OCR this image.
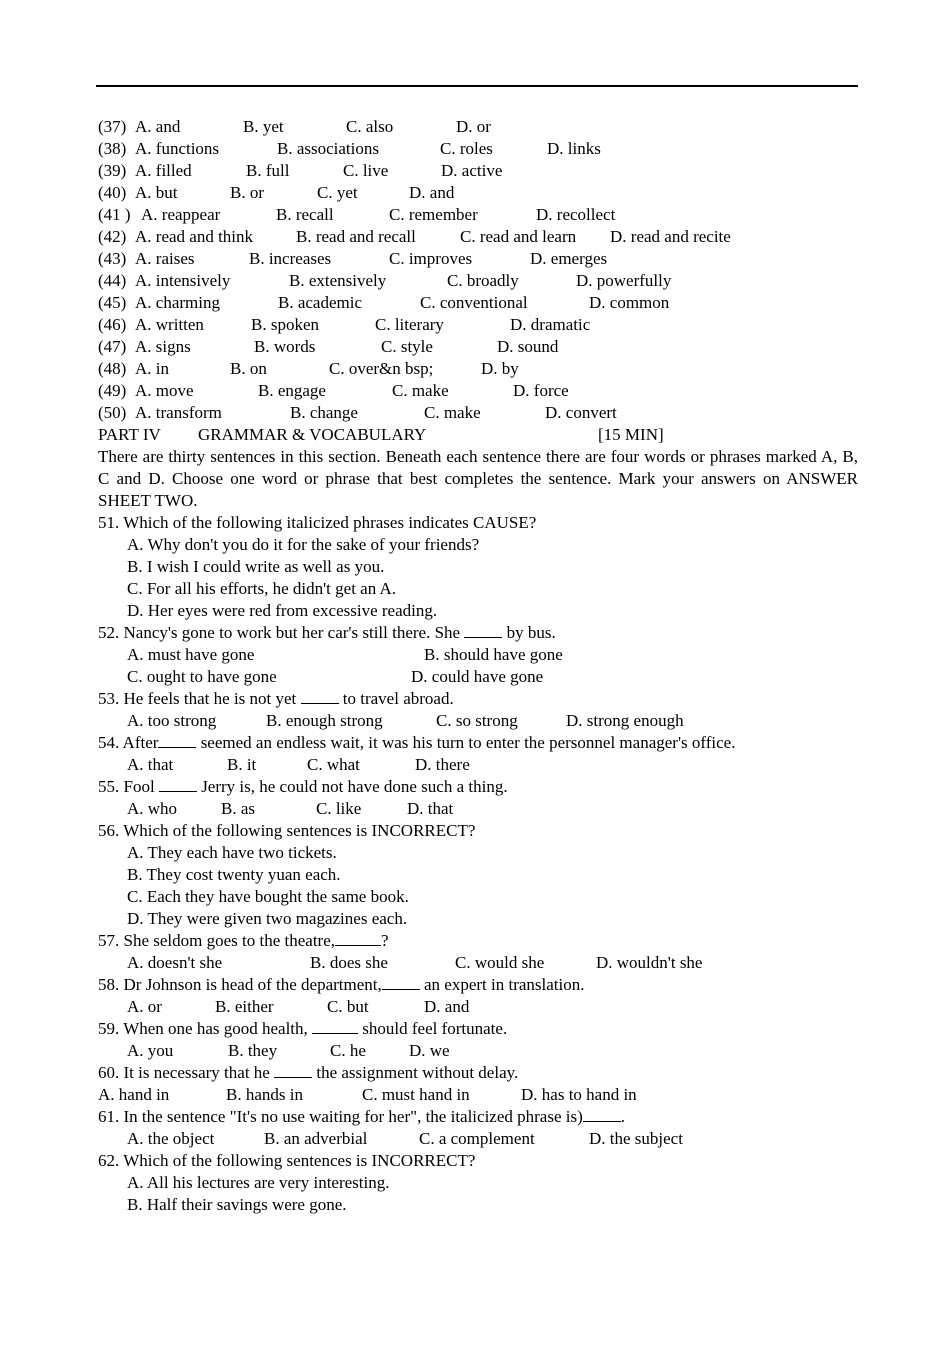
(37) A. and	B. yet	C. also	D. or
(38) A. functions	B. associations	C. roles	D. links
(39) A. filled	B. full	C. live	D. active
(40) A. but	B. or	C. yet	D. and
(41 ) A. reappear	B. recall	C. remember	D. recollect
(42) A. read and think	B. read and recall	C. read and learn D. read and recite
(43) A. raises	B. increases	C. improves	D. emerges
(44) A. intensively	B. extensively	C. broadly	D. powerfully
(45) A. charming	B. academic	C. conventional	D. common
(46) A. written	B. spoken	C. literary	D. dramatic
(47) A. signs	B. words	C. style	D. sound
(48) A. in	B. on	C. over&n bsp;	D. by
(49) A. move	B. engage	C. make	D. force
(50) A. transform	B. change	C. make	D. convert
PART IV GRAMMAR & VOCABULARY	[15 MIN]
There are thirty sentences in this section. Beneath each sentence there are four words or phrases marked A, B, C and D. Choose one word or phrase that best completes the sentence. Mark your answers on ANSWER SHEET TWO.
51. Which of the following italicized phrases indicates CAUSE?
A. Why don't you do it for the sake of your friends?
B. I wish I could write as well as you.
C. For all his efforts, he didn't get an A.
D. Her eyes were red from excessive reading.
52. Nancy's gone to work but her car's still there. She	by bus.
A. must have gone	B. should have gone
C. ought to have gone	D. could have gone
53. He feels that he is not yet	to travel abroad.
A. too strong	B. enough strong	C. so strong	D. strong enough
54. After seemed an endless wait, it was his turn to enter the personnel manager's office.
A. that	B. it	C. what	D. there
55. Fool	Jerry is, he could not have done such a thing.
A. who	B. as	C. like	D. that
56. Which of the following sentences is INCORRECT?
A. They each have two tickets.
B. They cost twenty yuan each.
C. Each they have bought the same book.
D. They were given two magazines each.
57. She seldom goes to the theatre,	?
A. doesn't she	B. does she	C. would she	D. wouldn't she
58. Dr Johnson is head of the department, an expert in translation.
A. or	B. either	C. but	D. and
59. When one has good health,	should feel fortunate.
A. you	B. they	C. he	D. we
60. It is necessary that he	the assignment without delay.
A. hand in	B. hands in	C. must hand in	D. has to hand in
61. In the sentence "It's no use waiting for her", the italicized phrase is) .
A. the object	B. an adverbial	C. a complement	D. the subject
62. Which of the following sentences is INCORRECT?
A. All his lectures are very interesting.
B. Half their savings were gone.
